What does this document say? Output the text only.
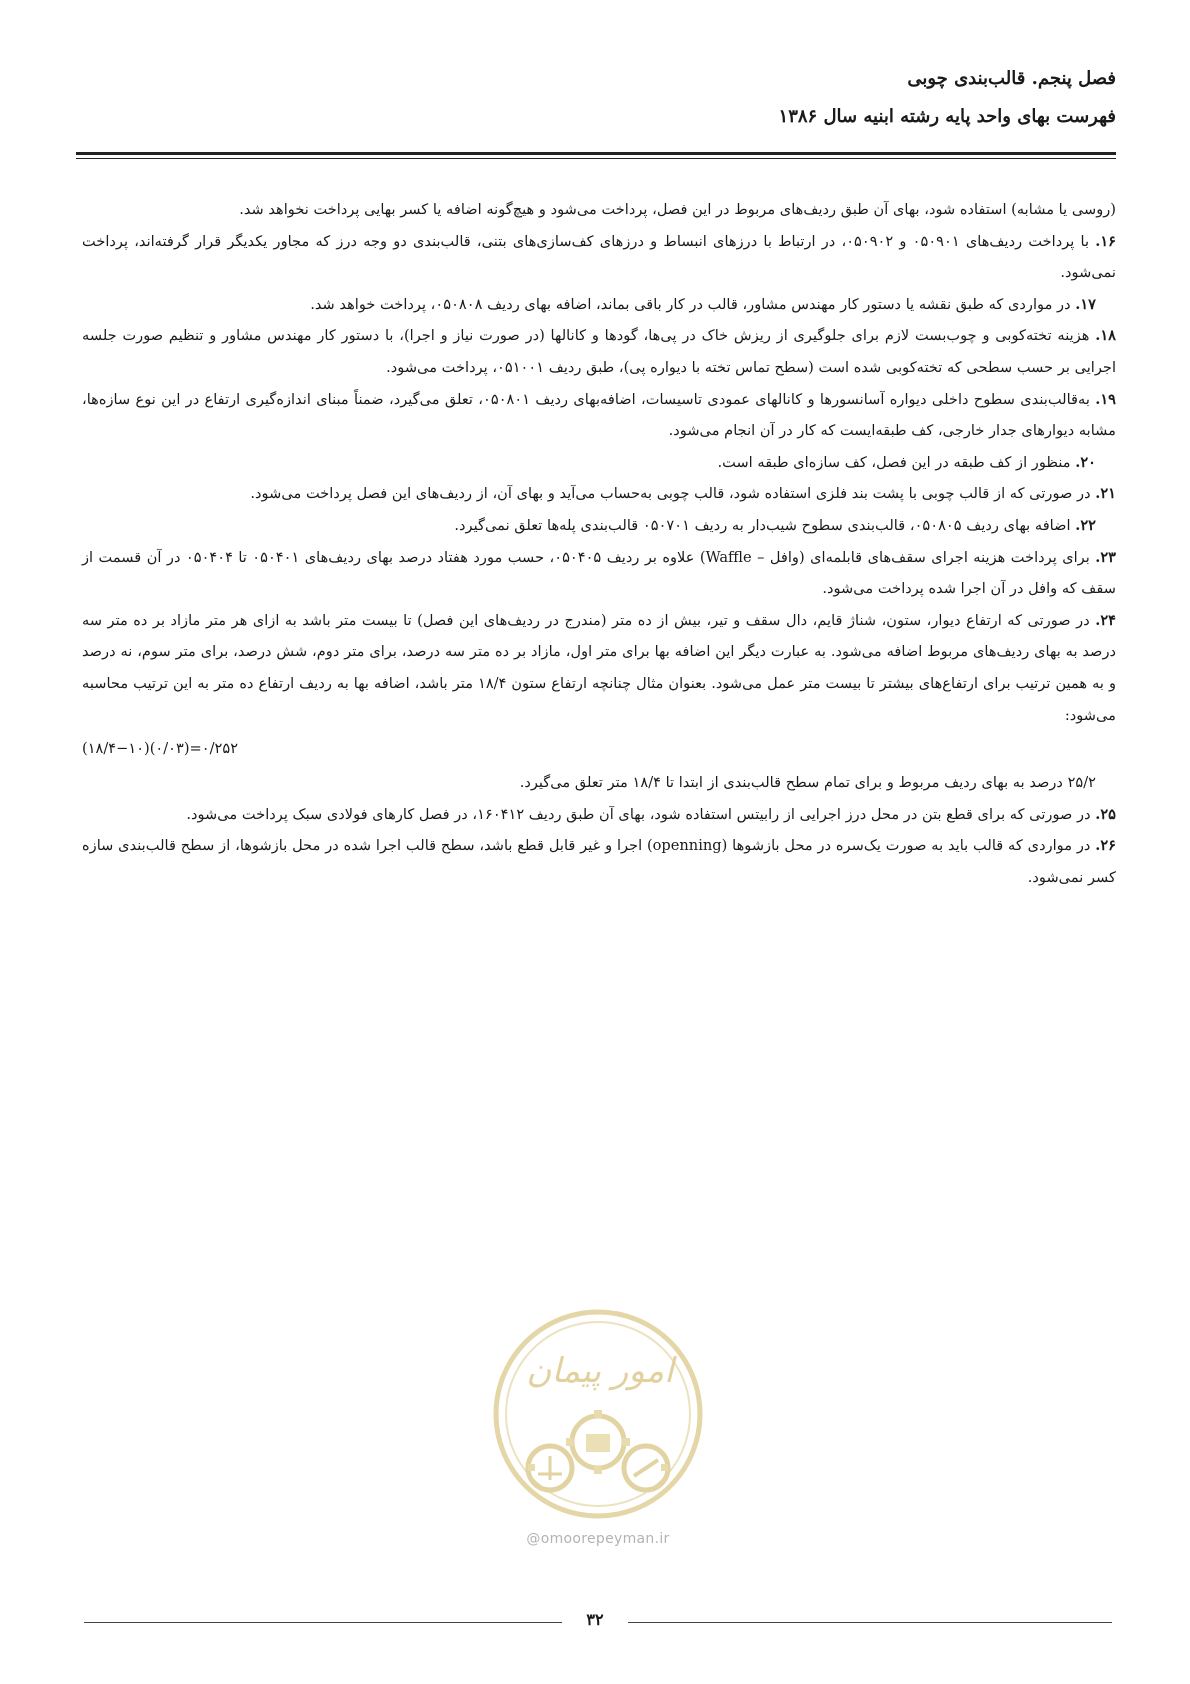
فصل پنجم. قالب‌بندی چوبی
فهرست بهای واحد پایه رشته ابنیه سال ۱۳۸۶

(روسی یا مشابه) استفاده شود، بهای آن طبق ردیف‌های مربوط در این فصل، پرداخت می‌شود و هیچ‌گونه اضافه یا کسر بهایی پرداخت نخواهد شد.

۱۶. با پرداخت ردیف‌های ۰۵۰۹۰۱ و ۰۵۰۹۰۲، در ارتباط با درزهای انبساط و درزهای کف‌سازی‌های بتنی، قالب‌بندی دو وجه درز که مجاور یکدیگر قرار گرفته‌اند، پرداخت نمی‌شود.

۱۷. در مواردی که طبق نقشه یا دستور کار مهندس مشاور، قالب در کار باقی بماند، اضافه بهای ردیف ۰۵۰۸۰۸، پرداخت خواهد شد.

۱۸. هزینه تخته‌کوبی و چوب‌بست لازم برای جلوگیری از ریزش خاک در پی‌ها، گودها و کانالها (در صورت نیاز و اجرا)، با دستور کار مهندس مشاور و تنظیم صورت جلسه اجرایی بر حسب سطحی که تخته‌کوبی شده است (سطح تماس تخته با دیواره پی)، طبق ردیف ۰۵۱۰۰۱، پرداخت می‌شود.

۱۹. به‌قالب‌بندی سطوح داخلی دیواره آسانسورها و کانالهای عمودی تاسیسات، اضافه‌بهای ردیف ۰۵۰۸۰۱، تعلق می‌گیرد، ضمناً مبنای اندازه‌گیری ارتفاع در این نوع سازه‌ها، مشابه دیوارهای جدار خارجی، کف طبقه‌ایست که کار در آن انجام می‌شود.

۲۰. منظور از کف طبقه در این فصل، کف سازه‌ای طبقه است.

۲۱. در صورتی که از قالب چوبی با پشت بند فلزی استفاده شود، قالب چوبی به‌حساب می‌آید و بهای آن، از ردیف‌های این فصل پرداخت می‌شود.

۲۲. اضافه بهای ردیف ۰۵۰۸۰۵، قالب‌بندی سطوح شیب‌دار به ردیف ۰۵۰۷۰۱ قالب‌بندی پله‌ها تعلق نمی‌گیرد.

۲۳. برای پرداخت هزینه اجرای سقف‌های قابلمه‌ای (وافل – Waffle) علاوه بر ردیف ۰۵۰۴۰۵، حسب مورد هفتاد درصد بهای ردیف‌های ۰۵۰۴۰۱ تا ۰۵۰۴۰۴ در آن قسمت از سقف که وافل در آن اجرا شده پرداخت می‌شود.

۲۴. در صورتی که ارتفاع دیوار، ستون، شناژ قایم، دال سقف و تیر، بیش از ده متر (مندرج در ردیف‌های این فصل) تا بیست متر باشد به ازای هر متر مازاد بر ده متر سه درصد به بهای ردیف‌های مربوط اضافه می‌شود. به عبارت دیگر این اضافه بها برای متر اول، مازاد بر ده متر سه درصد، برای متر دوم، شش درصد، برای متر سوم، نه درصد و به همین ترتیب برای ارتفاع‌های بیشتر تا بیست متر عمل می‌شود. بعنوان مثال چنانچه ارتفاع ستون ۱۸/۴ متر باشد، اضافه بها به ردیف ارتفاع ده متر به این ترتیب محاسبه می‌شود:

(۱۸/۴−۱۰)(۰/۰۳)=۰/۲۵۲

۲۵/۲ درصد به بهای ردیف مربوط و برای تمام سطح قالب‌بندی از ابتدا تا ۱۸/۴ متر تعلق می‌گیرد.

۲۵. در صورتی که برای قطع بتن در محل درز اجرایی از رابیتس استفاده شود، بهای آن طبق ردیف ۱۶۰۴۱۲، در فصل کارهای فولادی سبک پرداخت می‌شود.

۲۶. در مواردی که قالب باید به صورت یک‌سره در محل بازشوها (openning) اجرا و غیر قابل قطع باشد، سطح قالب اجرا شده در محل بازشوها، از سطح قالب‌بندی سازه کسر نمی‌شود.

امور پیمان
@omoorepeyman.ir
۳۲
